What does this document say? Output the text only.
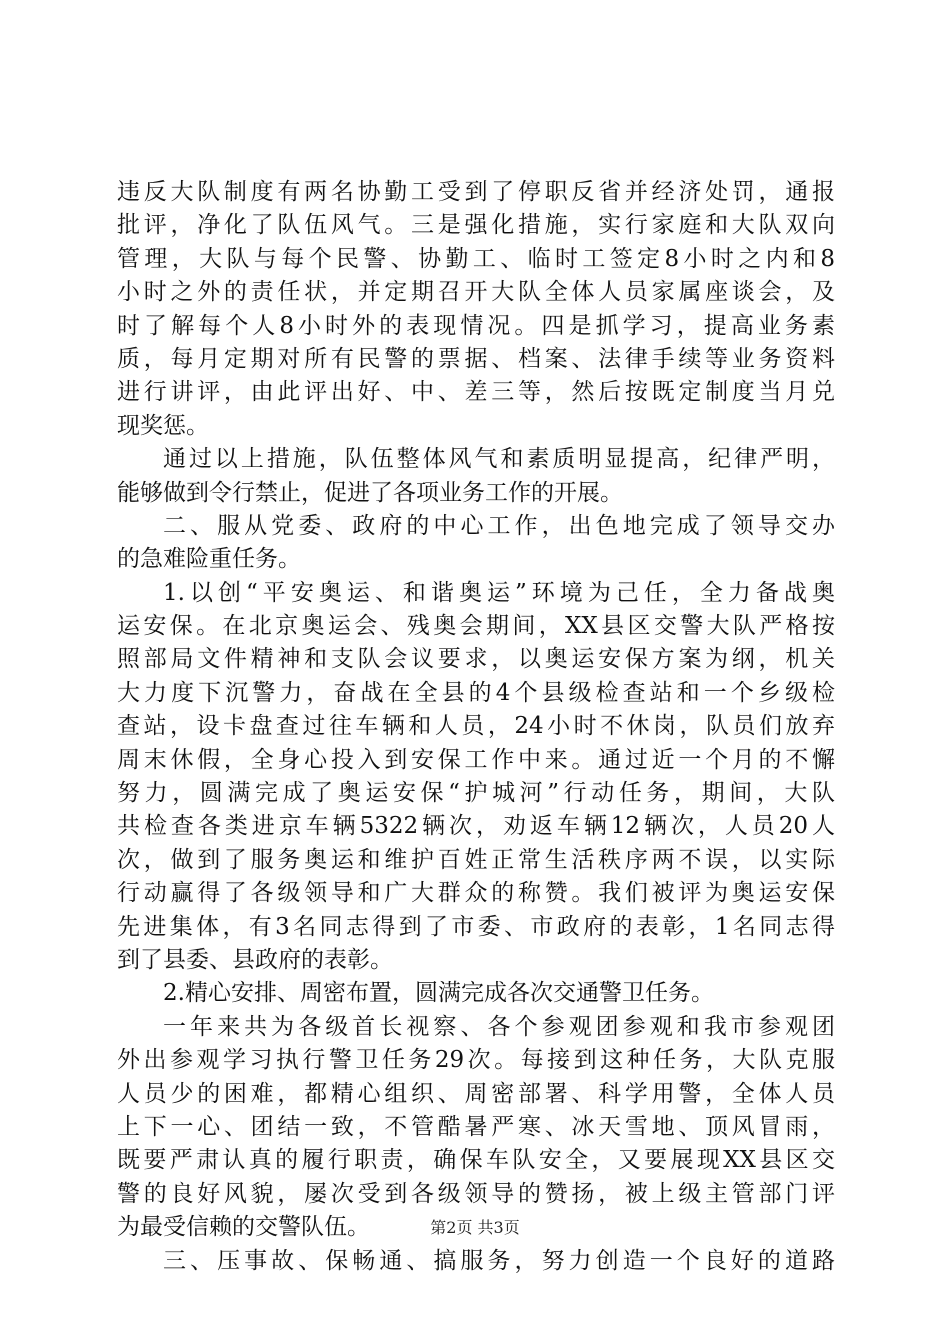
违反大队制度有两名协勤工受到了停职反省并经济处罚，通报
批评，净化了队伍风气。三是强化措施，实行家庭和大队双向
管理，大队与每个民警、协勤工、临时工签定8小时之内和8
小时之外的责任状，并定期召开大队全体人员家属座谈会，及
时了解每个人8小时外的表现情况。四是抓学习，提高业务素
质，每月定期对所有民警的票据、档案、法律手续等业务资料
进行讲评，由此评出好、中、差三等，然后按既定制度当月兑
现奖惩。
通过以上措施，队伍整体风气和素质明显提高，纪律严明，
能够做到令行禁止，促进了各项业务工作的开展。
二、服从党委、政府的中心工作，出色地完成了领导交办
的急难险重任务。
1.以创“平安奥运、和谐奥运”环境为己任，全力备战奥
运安保。在北京奥运会、残奥会期间，XX县区交警大队严格按
照部局文件精神和支队会议要求，以奥运安保方案为纲，机关
大力度下沉警力，奋战在全县的4个县级检查站和一个乡级检
查站，设卡盘查过往车辆和人员，24小时不休岗，队员们放弃
周末休假，全身心投入到安保工作中来。通过近一个月的不懈
努力，圆满完成了奥运安保“护城河”行动任务，期间，大队
共检查各类进京车辆5322辆次，劝返车辆12辆次，人员20人
次，做到了服务奥运和维护百姓正常生活秩序两不误，以实际
行动赢得了各级领导和广大群众的称赞。我们被评为奥运安保
先进集体，有3名同志得到了市委、市政府的表彰，1名同志得
到了县委、县政府的表彰。
2.精心安排、周密布置，圆满完成各次交通警卫任务。
一年来共为各级首长视察、各个参观团参观和我市参观团
外出参观学习执行警卫任务29次。每接到这种任务，大队克服
人员少的困难，都精心组织、周密部署、科学用警，全体人员
上下一心、团结一致，不管酷暑严寒、冰天雪地、顶风冒雨，
既要严肃认真的履行职责，确保车队安全，又要展现XX县区交
警的良好风貌，屡次受到各级领导的赞扬，被上级主管部门评
为最受信赖的交警队伍。
三、压事故、保畅通、搞服务，努力创造一个良好的道路
第2页 共3页
